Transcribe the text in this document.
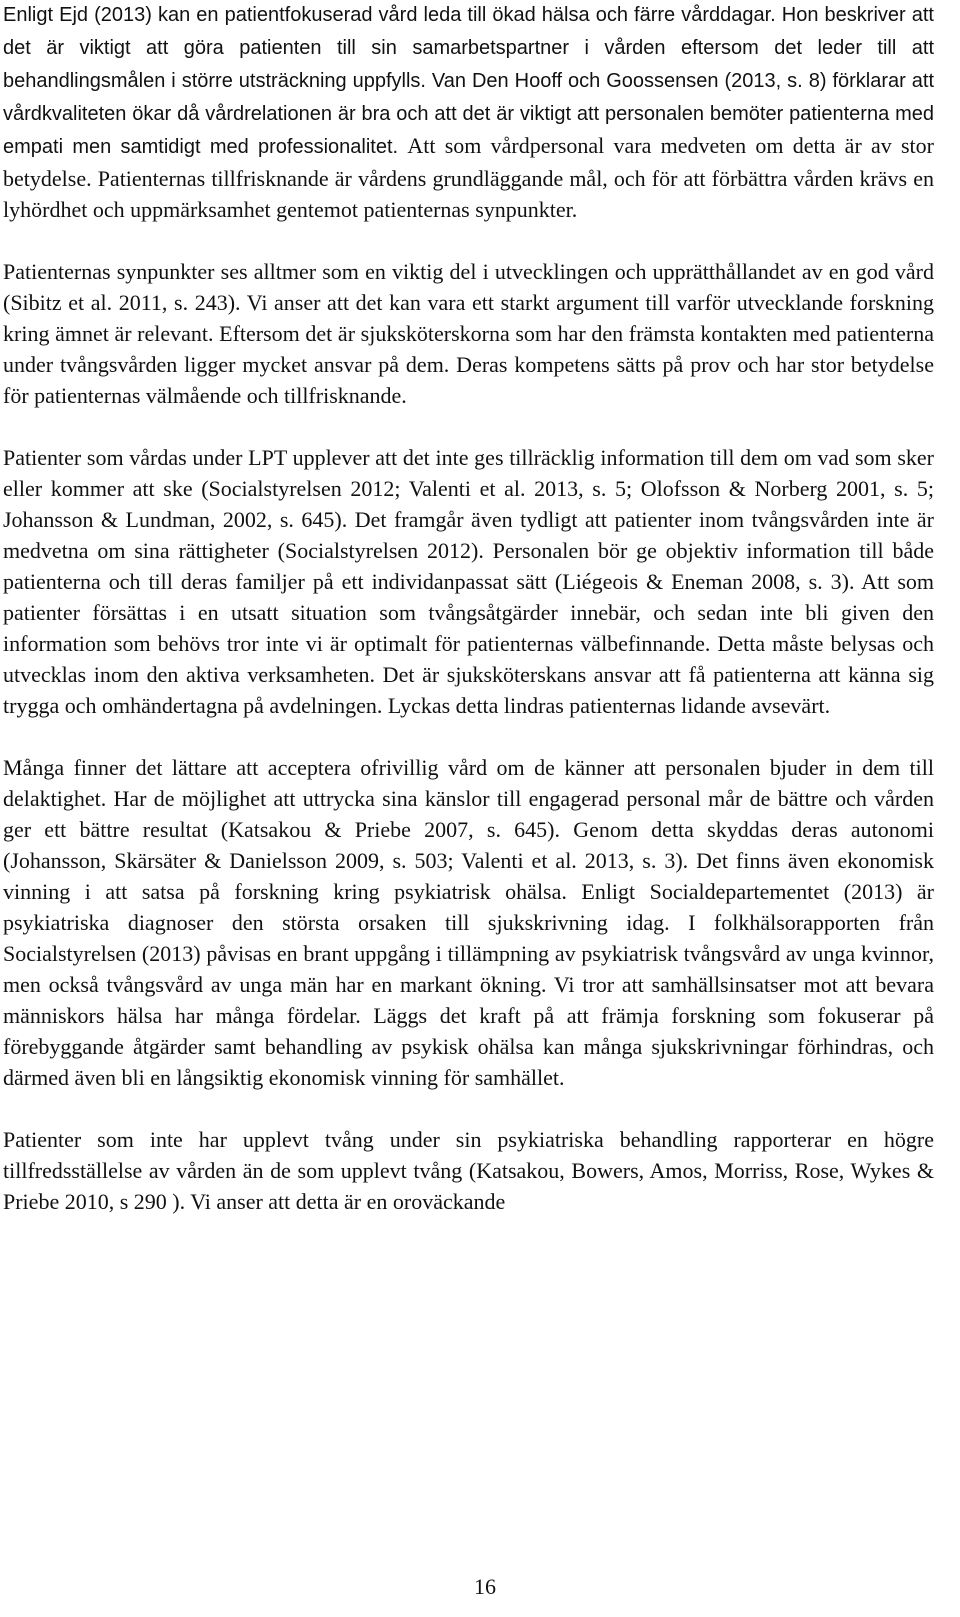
Enligt Ejd (2013) kan en patientfokuserad vård leda till ökad hälsa och färre vårddagar. Hon beskriver att det är viktigt att göra patienten till sin samarbetspartner i vården eftersom det leder till att behandlingsmålen i större utsträckning uppfylls. Van Den Hooff och Goossensen (2013, s. 8) förklarar att vårdkvaliteten ökar då vårdrelationen är bra och att det är viktigt att personalen bemöter patienterna med empati men samtidigt med professionalitet. Att som vårdpersonal vara medveten om detta är av stor betydelse. Patienternas tillfrisknande är vårdens grundläggande mål, och för att förbättra vården krävs en lyhördhet och uppmärksamhet gentemot patienternas synpunkter.

Patienternas synpunkter ses alltmer som en viktig del i utvecklingen och upprätthållandet av en god vård (Sibitz et al. 2011, s. 243). Vi anser att det kan vara ett starkt argument till varför utvecklande forskning kring ämnet är relevant. Eftersom det är sjuksköterskorna som har den främsta kontakten med patienterna under tvångsvården ligger mycket ansvar på dem. Deras kompetens sätts på prov och har stor betydelse för patienternas välmående och tillfrisknande.

Patienter som vårdas under LPT upplever att det inte ges tillräcklig information till dem om vad som sker eller kommer att ske (Socialstyrelsen 2012; Valenti et al. 2013, s. 5; Olofsson & Norberg 2001, s. 5; Johansson & Lundman, 2002, s. 645). Det framgår även tydligt att patienter inom tvångsvården inte är medvetna om sina rättigheter (Socialstyrelsen 2012). Personalen bör ge objektiv information till både patienterna och till deras familjer på ett individanpassat sätt (Liégeois & Eneman 2008, s. 3). Att som patienter försättas i en utsatt situation som tvångsåtgärder innebär, och sedan inte bli given den information som behövs tror inte vi är optimalt för patienternas välbefinnande. Detta måste belysas och utvecklas inom den aktiva verksamheten. Det är sjuksköterskans ansvar att få patienterna att känna sig trygga och omhändertagna på avdelningen. Lyckas detta lindras patienternas lidande avsevärt.

Många finner det lättare att acceptera ofrivillig vård om de känner att personalen bjuder in dem till delaktighet. Har de möjlighet att uttrycka sina känslor till engagerad personal mår de bättre och vården ger ett bättre resultat (Katsakou & Priebe 2007, s. 645). Genom detta skyddas deras autonomi (Johansson, Skärsäter & Danielsson 2009, s. 503; Valenti et al. 2013, s. 3). Det finns även ekonomisk vinning i att satsa på forskning kring psykiatrisk ohälsa. Enligt Socialdepartementet (2013) är psykiatriska diagnoser den största orsaken till sjukskrivning idag. I folkhälsorapporten från Socialstyrelsen (2013) påvisas en brant uppgång i tillämpning av psykiatrisk tvångsvård av unga kvinnor, men också tvångsvård av unga män har en markant ökning. Vi tror att samhällsinsatser mot att bevara människors hälsa har många fördelar. Läggs det kraft på att främja forskning som fokuserar på förebyggande åtgärder samt behandling av psykisk ohälsa kan många sjukskrivningar förhindras, och därmed även bli en långsiktig ekonomisk vinning för samhället.

Patienter som inte har upplevt tvång under sin psykiatriska behandling rapporterar en högre tillfredsställelse av vården än de som upplevt tvång (Katsakou, Bowers, Amos, Morriss, Rose, Wykes & Priebe 2010, s 290 ). Vi anser att detta är en oroväckande

16
